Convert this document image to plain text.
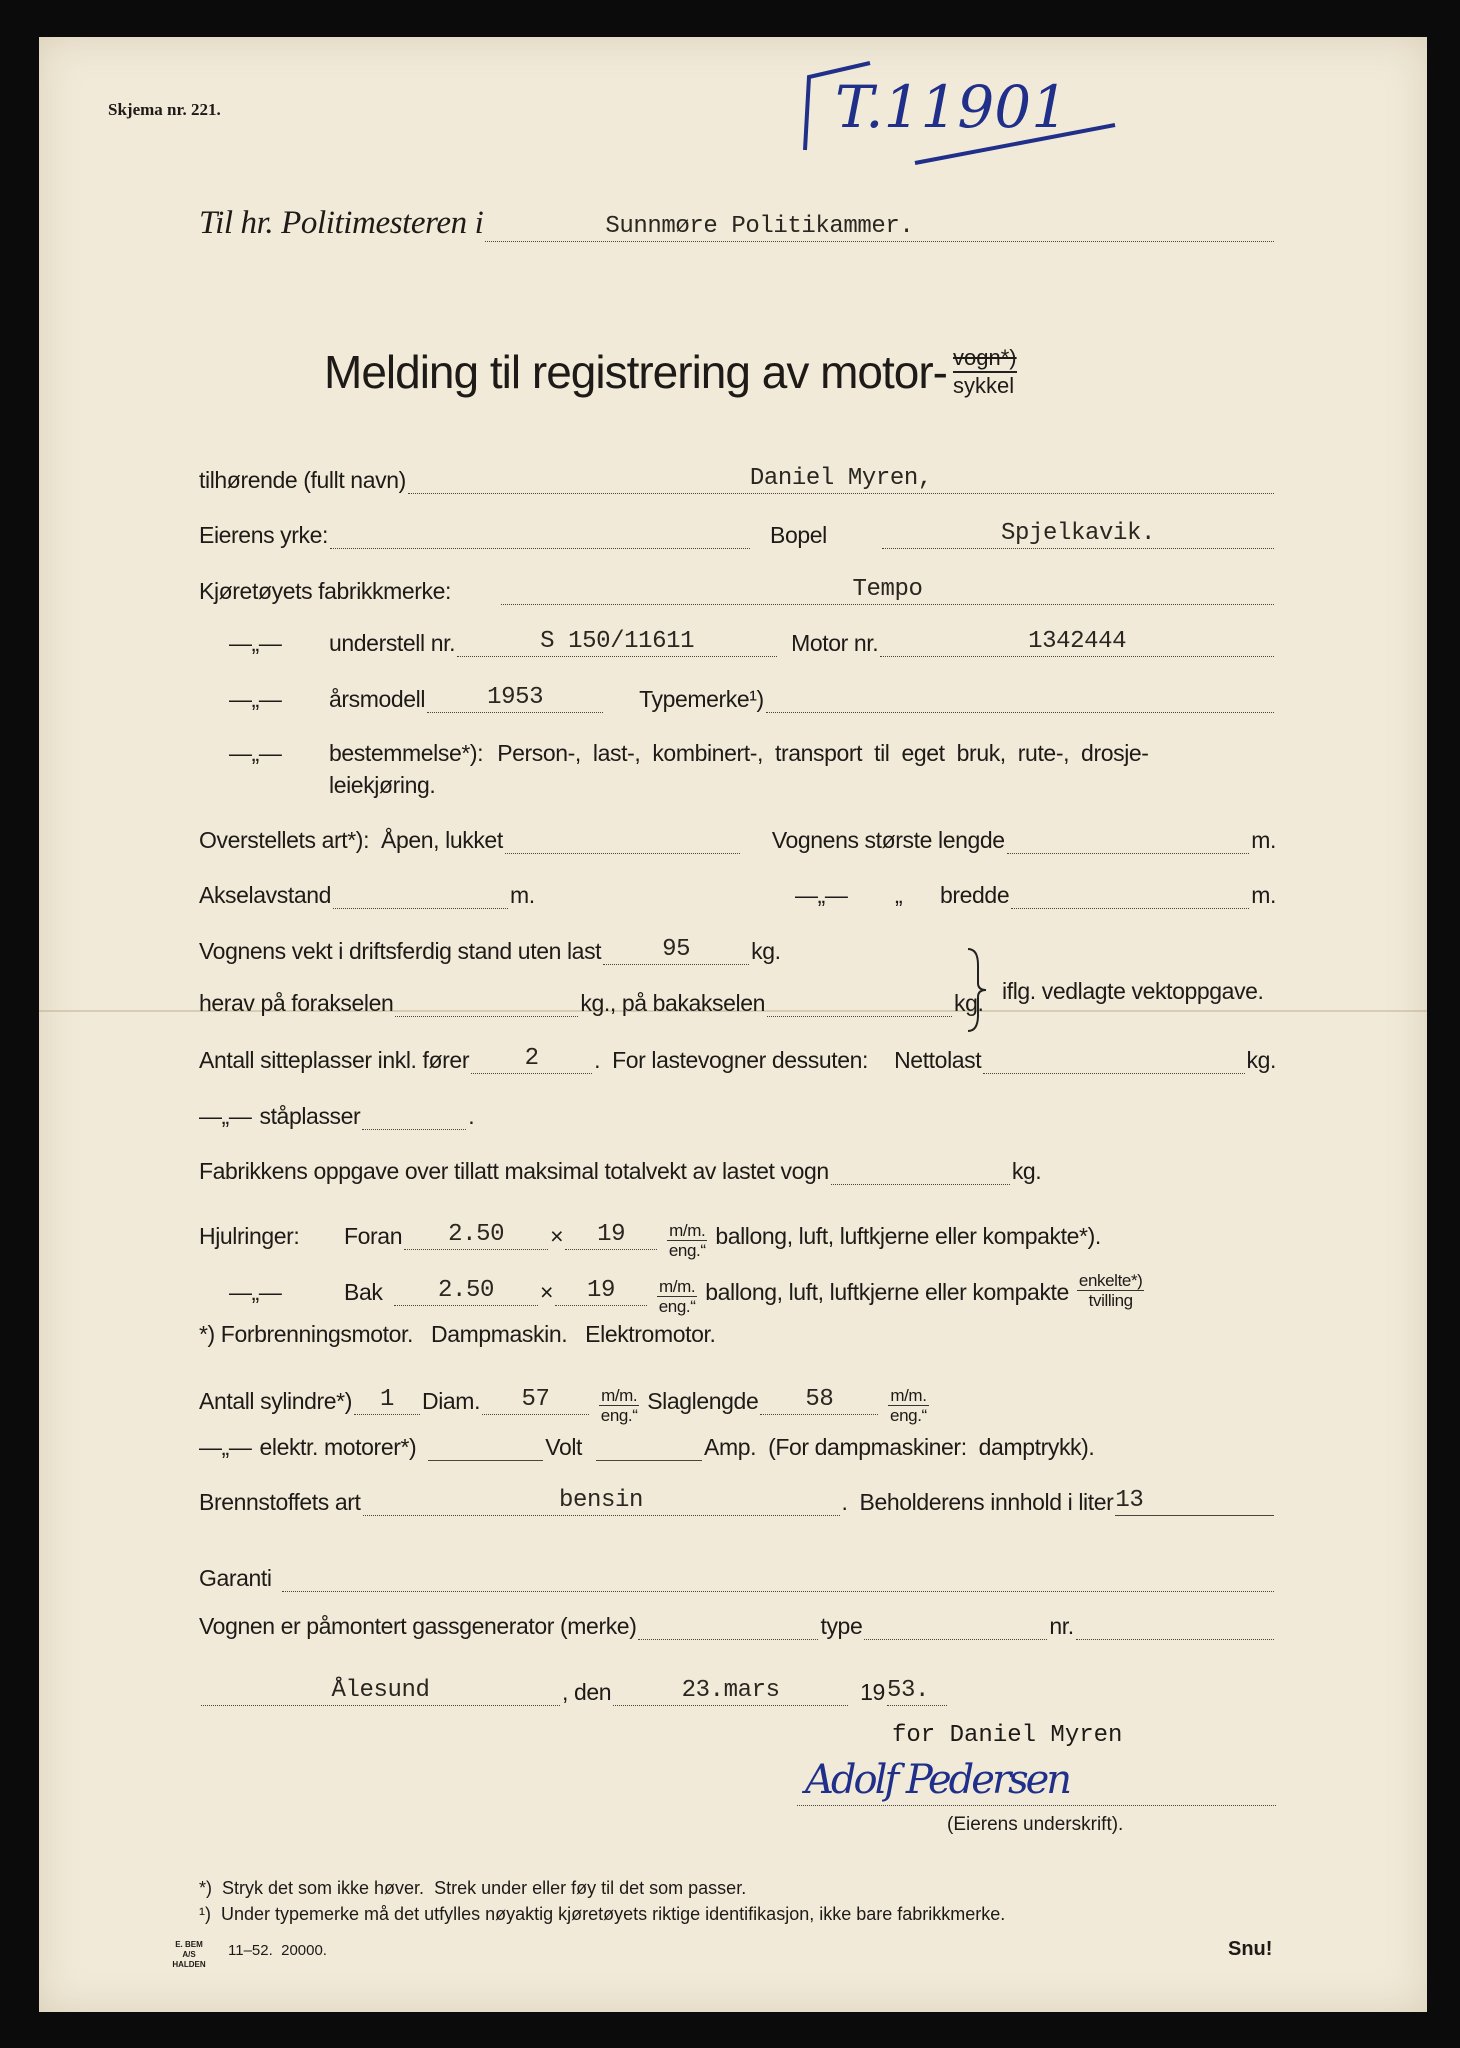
Skjema nr. 221.	T.11901
Til hr. Politimesteren i	Sunnmøre Politikammer.
Melding til registrering av motor- vogn*)
sykkel
tilhørende (fullt navn)	Daniel Myren,
Eierens yrke:	Bopel	Spjelkavik.
Kjøretøyets fabrikkmerke:	Tempo
—„—	understell nr.	S 150/11611	Motor nr.	1342444
—„—	årsmodell	1953	Typemerke¹)
—„—	bestemmelse*): Person-, last-, kombinert-, transport til eget bruk, rute-, drosje-
leiekjøring.
Overstellets art*):  Åpen, lukket	Vognens største lengde	m.
Akselavstand	m.	—„—	„	bredde	m.
Vognens vekt i driftsferdig stand uten last	95	kg.
herav på forakselen	kg., på bakakselen	kg. iflg. vedlagte vektoppgave.
Antall sitteplasser inkl. fører	2	.  For lastevogner dessuten:	Nettolast	kg.
—„— ståplasser	.
Fabrikkens oppgave over tillatt maksimal totalvekt av lastet vogn	kg.
Hjulringer:	Foran	2.50	×	19	$\frac{m/m.}{\text{eng.“}}$ ballong, luft, luftkjerne eller kompakte*).
—„—	Bak	2.50	×	19	$\frac{m/m.}{\text{eng.“}}$ ballong, luft, luftkjerne eller kompakte $\frac{\text{enkelte*)}}{\text{tvilling}}$
*) Forbrenningsmotor.   Dampmaskin.   Elektromotor.
Antall sylindre*)	1	Diam.	57	$\frac{m/m.}{\text{eng.“}}$ Slaglengde	58	$\frac{m/m.}{\text{eng.“}}$
—„— elektr. motorer*)	Volt	Amp.  (For dampmaskiner:  damptrykk).
Brennstoffets art	bensin	.  Beholderens innhold i liter 13
Garanti
Vognen er påmontert gassgenerator (merke)	type	nr.
Ålesund	, den	23.mars	19 53.
for Daniel Myren
Adolf Pedersen
(Eierens underskrift).
*)  Stryk det som ikke høver.  Strek under eller føy til det som passer.
¹)  Under typemerke må det utfylles nøyaktig kjøretøyets riktige identifikasjon, ikke bare fabrikkmerke.
E. BEM A/S HALDEN
11–52.  20000.	Snu!
